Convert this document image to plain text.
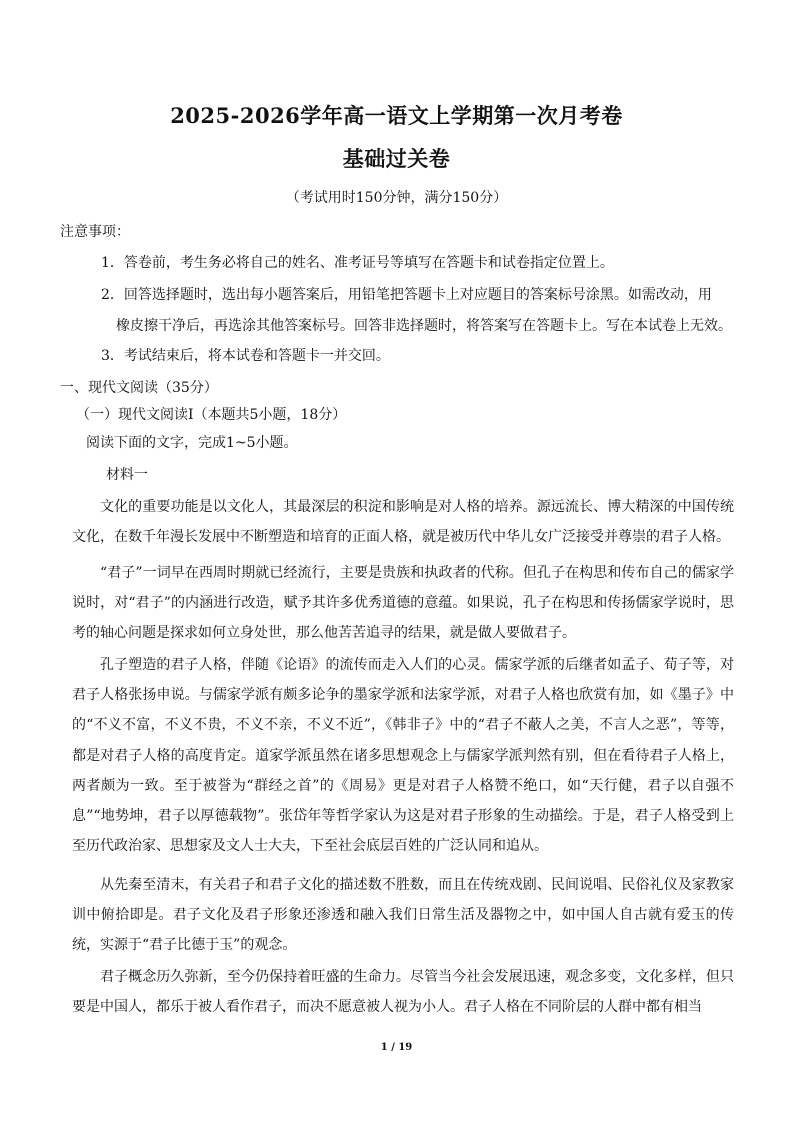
2025-2026学年高一语文上学期第一次月考卷
基础过关卷
（考试用时150分钟，满分150分）
注意事项：
1．答卷前，考生务必将自己的姓名、准考证号等填写在答题卡和试卷指定位置上。
2．回答选择题时，选出每小题答案后，用铅笔把答题卡上对应题目的答案标号涂黑。如需改动，用
橡皮擦干净后，再选涂其他答案标号。回答非选择题时，将答案写在答题卡上。写在本试卷上无效。
3．考试结束后，将本试卷和答题卡一并交回。
一、现代文阅读（35分）
（一）现代文阅读Ⅰ（本题共5小题，18分）
阅读下面的文字，完成1~5小题。
材料一
文化的重要功能是以文化人，其最深层的积淀和影响是对人格的培养。源远流长、博大精深的中国传统文化，在数千年漫长发展中不断塑造和培育的正面人格，就是被历代中华儿女广泛接受并尊崇的君子人格。
“君子”一词早在西周时期就已经流行，主要是贵族和执政者的代称。但孔子在构思和传布自己的儒家学说时，对“君子”的内涵进行改造，赋予其许多优秀道德的意蕴。如果说，孔子在构思和传扬儒家学说时，思考的轴心问题是探求如何立身处世，那么他苦苦追寻的结果，就是做人要做君子。
孔子塑造的君子人格，伴随《论语》的流传而走入人们的心灵。儒家学派的后继者如孟子、荀子等，对君子人格张扬申说。与儒家学派有颇多论争的墨家学派和法家学派，对君子人格也欣赏有加，如《墨子》中的“不义不富，不义不贵，不义不亲，不义不近”，《韩非子》中的“君子不蔽人之美，不言人之恶”，等等，都是对君子人格的高度肯定。道家学派虽然在诸多思想观念上与儒家学派判然有别，但在看待君子人格上，两者颇为一致。至于被誉为“群经之首”的《周易》更是对君子人格赞不绝口，如“天行健，君子以自强不息”“地势坤，君子以厚德载物”。张岱年等哲学家认为这是对君子形象的生动描绘。于是，君子人格受到上至历代政治家、思想家及文人士大夫，下至社会底层百姓的广泛认同和追从。
从先秦至清末，有关君子和君子文化的描述数不胜数，而且在传统戏剧、民间说唱、民俗礼仪及家教家训中俯拾即是。君子文化及君子形象还渗透和融入我们日常生活及器物之中，如中国人自古就有爱玉的传统，实源于“君子比德于玉”的观念。
君子概念历久弥新，至今仍保持着旺盛的生命力。尽管当今社会发展迅速，观念多变，文化多样，但只要是中国人，都乐于被人看作君子，而决不愿意被人视为小人。君子人格在不同阶层的人群中都有相当
1 / 19
